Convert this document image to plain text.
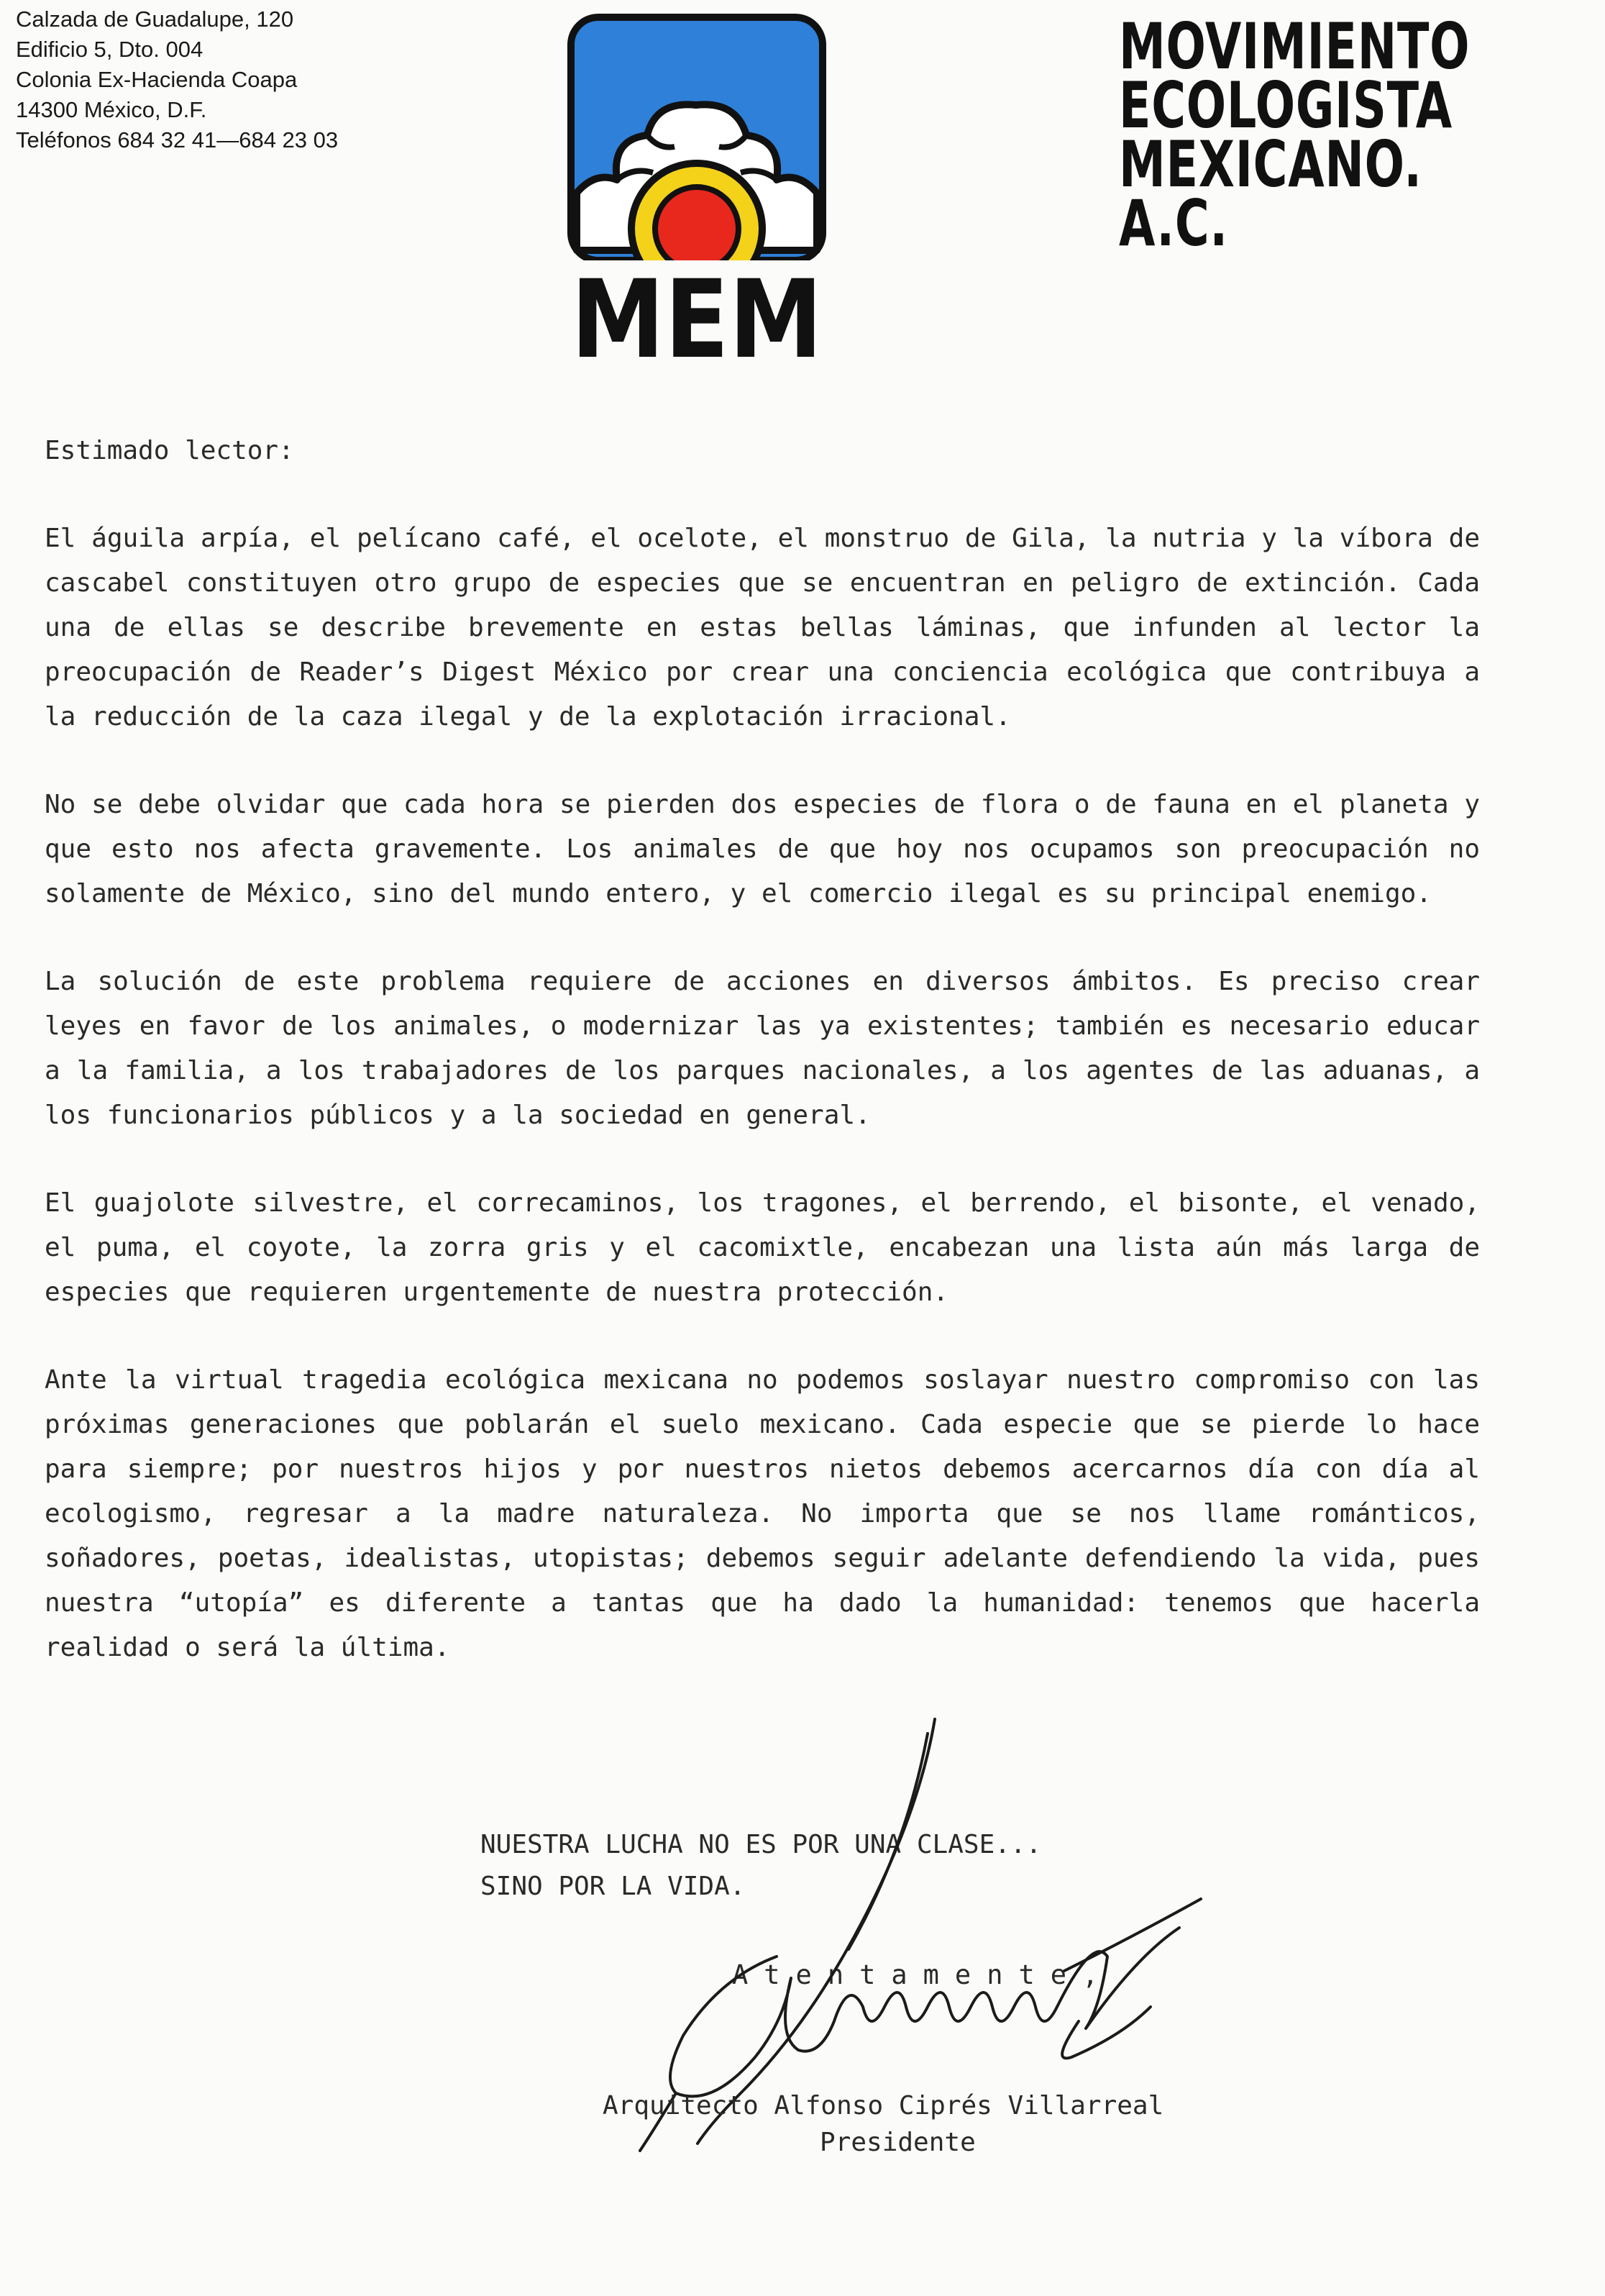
Calzada de Guadalupe, 120
Edificio 5, Dto. 004
Colonia Ex-Hacienda Coapa
14300 México, D.F.
Teléfonos 684 32 41—684 23 03
MEM
MOVIMIENTO
ECOLOGISTA
MEXICANO.
A.C.

Estimado lector:

El águila arpía, el pelícano café, el ocelote, el monstruo de Gila, la nutria y la víbora de cascabel constituyen otro grupo de especies que se encuentran en peligro de extinción. Cada una de ellas se describe brevemente en estas bellas láminas, que infunden al lector la preocupación de Reader’s Digest México por crear una conciencia ecológica que contribuya a la reducción de la caza ilegal y de la explotación irracional.

No se debe olvidar que cada hora se pierden dos especies de flora o de fauna en el planeta y que esto nos afecta gravemente. Los animales de que hoy nos ocupamos son preocupación no solamente de México, sino del mundo entero, y el comercio ilegal es su principal enemigo.

La solución de este problema requiere de acciones en diversos ámbitos. Es preciso crear leyes en favor de los animales, o modernizar las ya existentes; también es necesario educar a la familia, a los trabajadores de los parques nacionales, a los agentes de las aduanas, a los funcionarios públicos y a la sociedad en general.

El guajolote silvestre, el correcaminos, los tragones, el berrendo, el bisonte, el venado, el puma, el coyote, la zorra gris y el cacomixtle, encabezan una lista aún más larga de especies que requieren urgentemente de nuestra protección.

Ante la virtual tragedia ecológica mexicana no podemos soslayar nuestro compromiso con las próximas generaciones que poblarán el suelo mexicano. Cada especie que se pierde lo hace para siempre; por nuestros hijos y por nuestros nietos debemos acercarnos día con día al ecologismo, regresar a la madre naturaleza. No importa que se nos llame románticos, soñadores, poetas, idealistas, utopistas; debemos seguir adelante defendiendo la vida, pues nuestra “utopía” es diferente a tantas que ha dado la humanidad: tenemos que hacerla realidad o será la última.

NUESTRA LUCHA NO ES POR UNA CLASE...
SINO POR LA VIDA.
Atentamente,
Arquitecto Alfonso Ciprés Villarreal
Presidente
